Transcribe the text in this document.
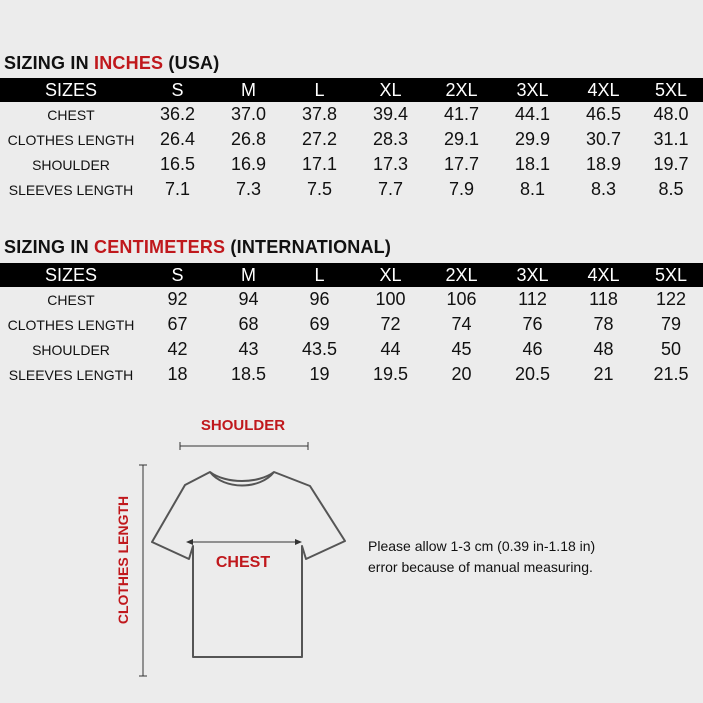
SIZING IN INCHES (USA)
SIZES	S	M	L	XL	2XL	3XL	4XL	5XL
CHEST	36.2	37.0	37.8	39.4	41.7	44.1	46.5	48.0
CLOTHES LENGTH	26.4	26.8	27.2	28.3	29.1	29.9	30.7	31.1
SHOULDER	16.5	16.9	17.1	17.3	17.7	18.1	18.9	19.7
SLEEVES LENGTH	7.1	7.3	7.5	7.7	7.9	8.1	8.3	8.5
SIZING IN CENTIMETERS (INTERNATIONAL)
SIZES	S	M	L	XL	2XL	3XL	4XL	5XL
CHEST	92	94	96	100	106	112	118	122
CLOTHES LENGTH	67	68	69	72	74	76	78	79
SHOULDER	42	43	43.5	44	45	46	48	50
SLEEVES LENGTH	18	18.5	19	19.5	20	20.5	21	21.5
SHOULDER
CLOTHES LENGTH	CHEST
Please allow 1-3 cm (0.39 in-1.18 in)
error because of manual measuring.
